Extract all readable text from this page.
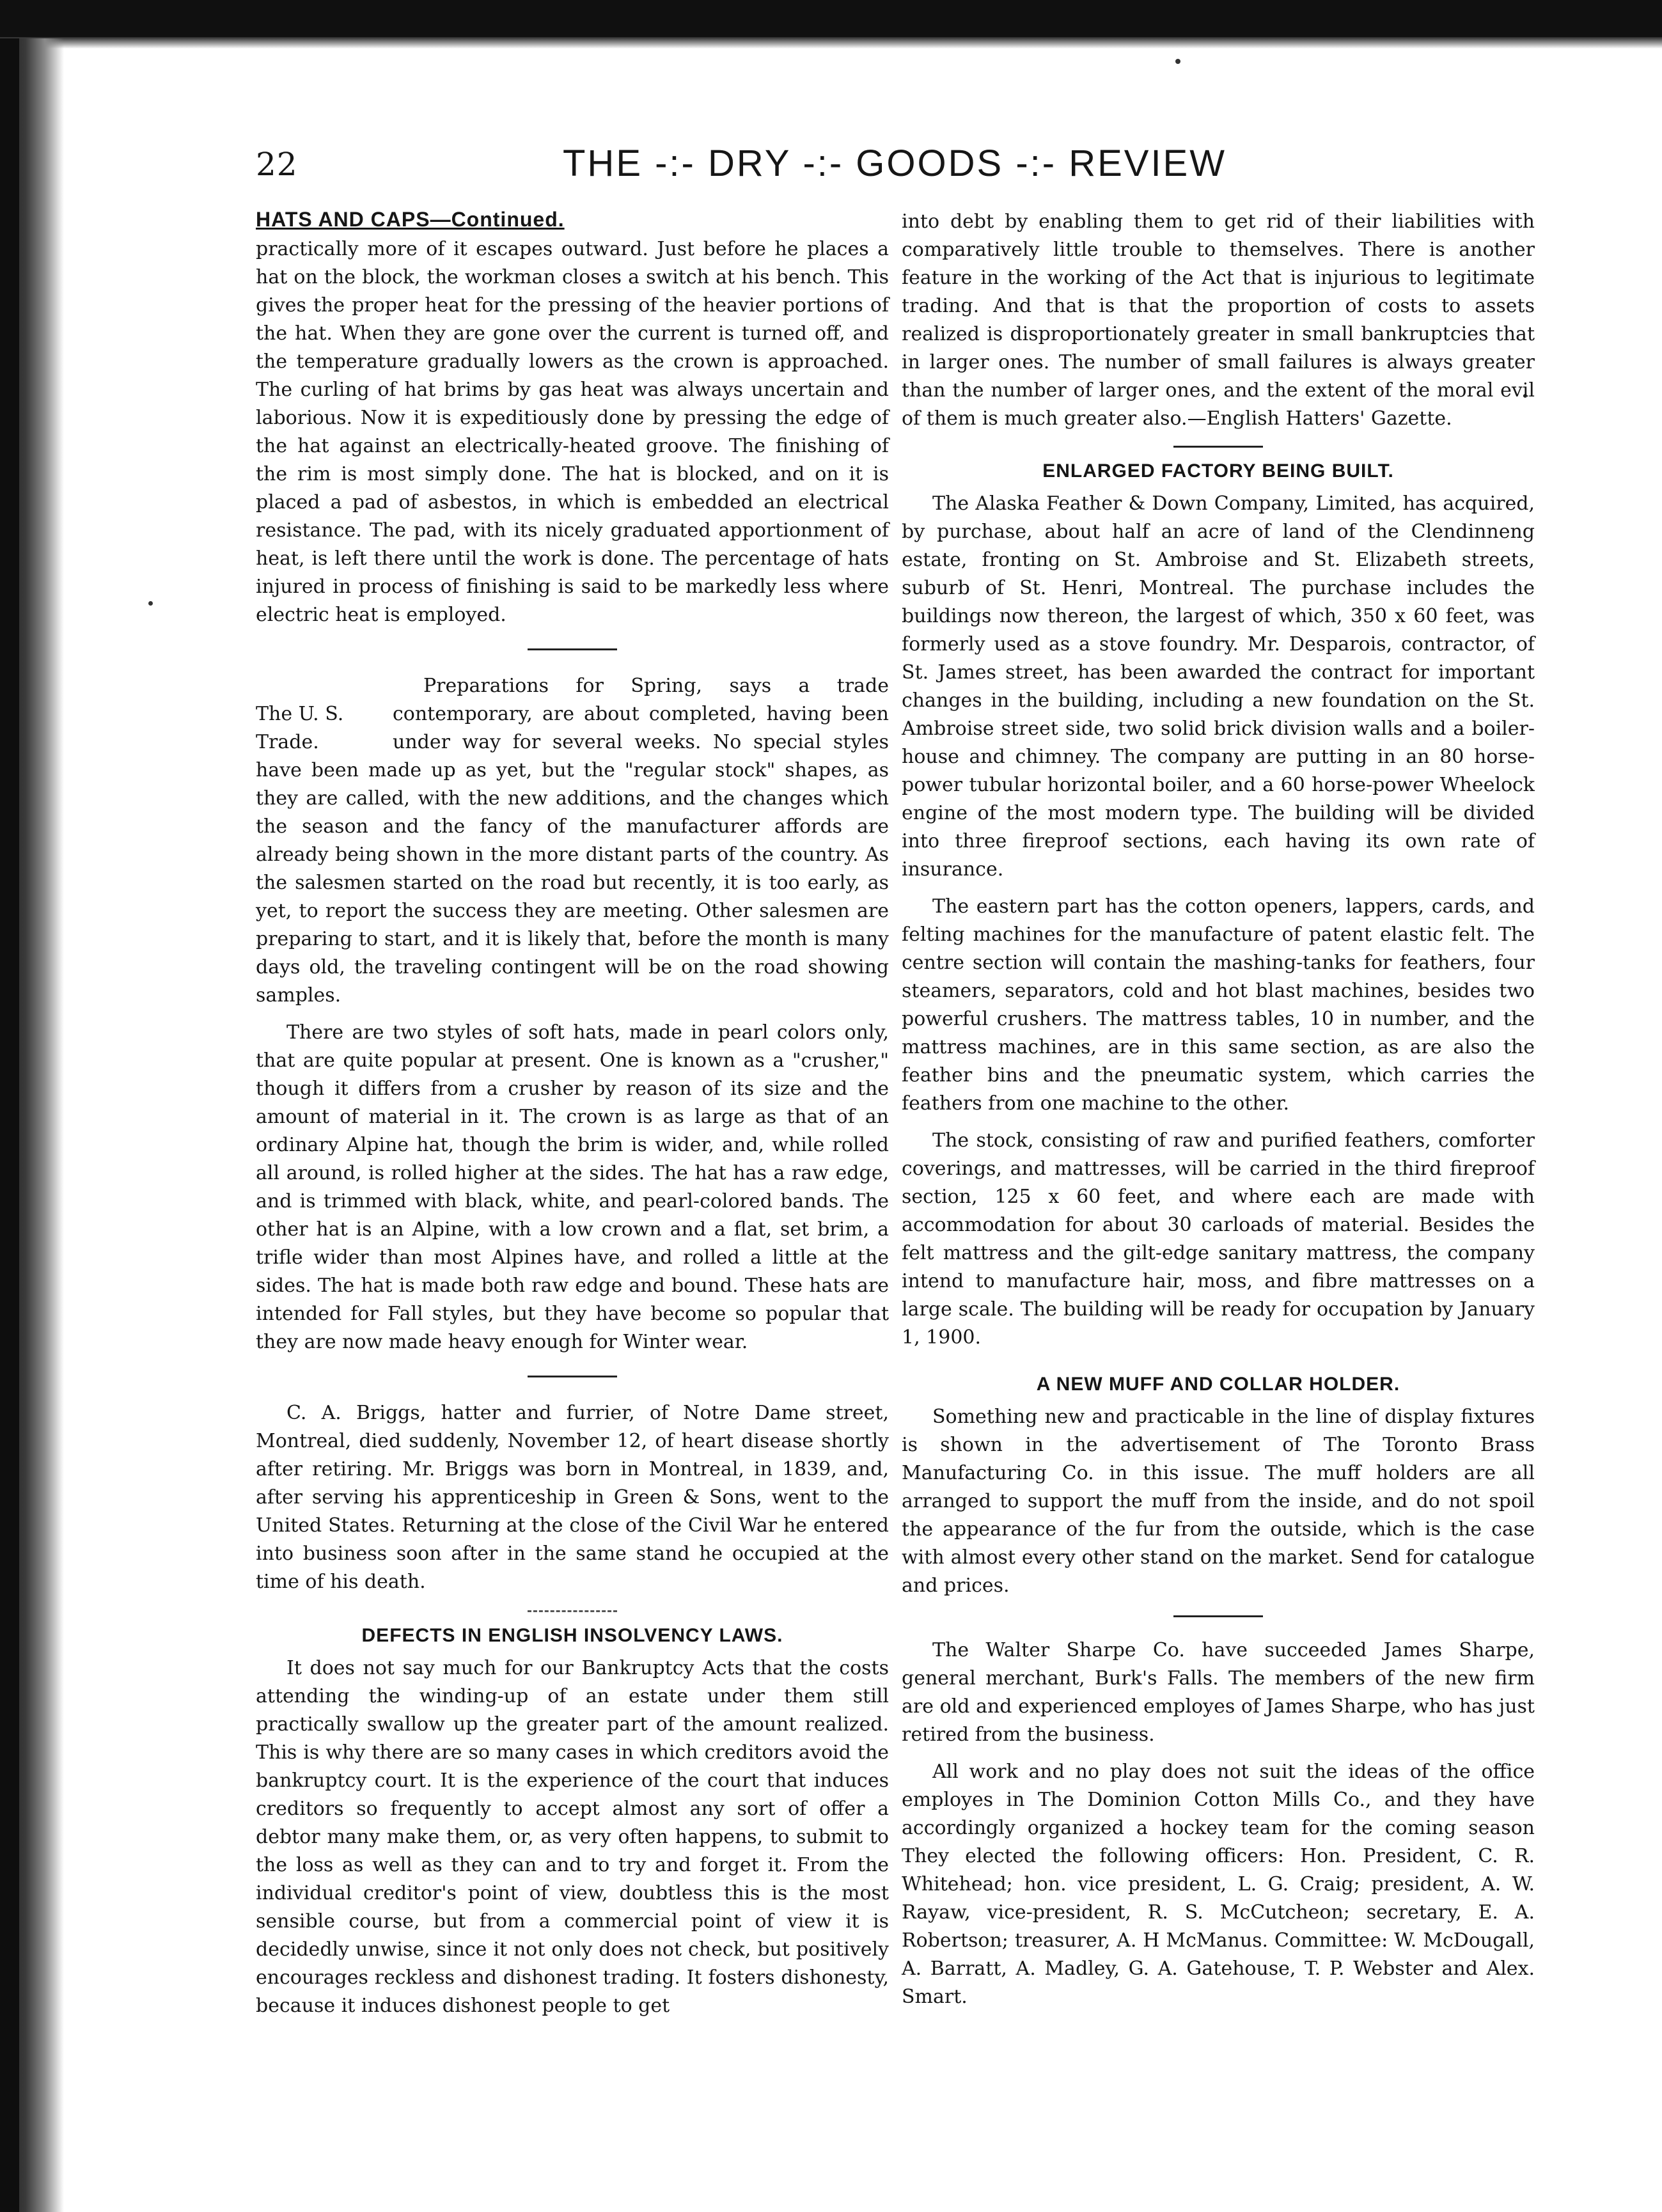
22	THE -:- DRY -:- GOODS -:- REVIEW
HATS AND CAPS—Continued.

practically more of it escapes outward. Just before he places a hat on the block, the workman closes a switch at his bench. This gives the proper heat for the pressing of the heavier portions of the hat. When they are gone over the current is turned off, and the temperature gradually lowers as the crown is approached. The curling of hat brims by gas heat was always uncertain and laborious. Now it is expeditiously done by pressing the edge of the hat against an electrically-heated groove. The finishing of the rim is most simply done. The hat is blocked, and on it is placed a pad of asbestos, in which is embedded an electrical resistance. The pad, with its nicely graduated apportionment of heat, is left there until the work is done. The percentage of hats injured in process of finishing is said to be markedly less where electric heat is employed.

The U. S. Trade.

Preparations for Spring, says a trade contemporary, are about completed, having been under way for several weeks. No special styles have been made up as yet, but the "regular stock" shapes, as they are called, with the new additions, and the changes which the season and the fancy of the manufacturer affords are already being shown in the more distant parts of the country. As the salesmen started on the road but recently, it is too early, as yet, to report the success they are meeting. Other salesmen are preparing to start, and it is likely that, before the month is many days old, the traveling contingent will be on the road showing samples.

There are two styles of soft hats, made in pearl colors only, that are quite popular at present. One is known as a "crusher," though it differs from a crusher by reason of its size and the amount of material in it. The crown is as large as that of an ordinary Alpine hat, though the brim is wider, and, while rolled all around, is rolled higher at the sides. The hat has a raw edge, and is trimmed with black, white, and pearl-colored bands. The other hat is an Alpine, with a low crown and a flat, set brim, a trifle wider than most Alpines have, and rolled a little at the sides. The hat is made both raw edge and bound. These hats are intended for Fall styles, but they have become so popular that they are now made heavy enough for Winter wear.

C. A. Briggs, hatter and furrier, of Notre Dame street, Montreal, died suddenly, November 12, of heart disease shortly after retiring. Mr. Briggs was born in Montreal, in 1839, and, after serving his apprenticeship in Green & Sons, went to the United States. Returning at the close of the Civil War he entered into business soon after in the same stand he occupied at the time of his death.

DEFECTS IN ENGLISH INSOLVENCY LAWS.

It does not say much for our Bankruptcy Acts that the costs attending the winding-up of an estate under them still practically swallow up the greater part of the amount realized. This is why there are so many cases in which creditors avoid the bankruptcy court. It is the experience of the court that induces creditors so frequently to accept almost any sort of offer a debtor many make them, or, as very often happens, to submit to the loss as well as they can and to try and forget it. From the individual creditor's point of view, doubtless this is the most sensible course, but from a commercial point of view it is decidedly unwise, since it not only does not check, but positively encourages reckless and dishonest trading. It fosters dishonesty, because it induces dishonest people to get

into debt by enabling them to get rid of their liabilities with comparatively little trouble to themselves. There is another feature in the working of the Act that is injurious to legitimate trading. And that is that the proportion of costs to assets realized is disproportionately greater in small bankruptcies that in larger ones. The number of small failures is always greater than the number of larger ones, and the extent of the moral evil of them is much greater also.—English Hatters' Gazette.

ENLARGED FACTORY BEING BUILT.

The Alaska Feather & Down Company, Limited, has acquired, by purchase, about half an acre of land of the Clendinneng estate, fronting on St. Ambroise and St. Elizabeth streets, suburb of St. Henri, Montreal. The purchase includes the buildings now thereon, the largest of which, 350 x 60 feet, was formerly used as a stove foundry. Mr. Desparois, contractor, of St. James street, has been awarded the contract for important changes in the building, including a new foundation on the St. Ambroise street side, two solid brick division walls and a boiler-house and chimney. The company are putting in an 80 horse-power tubular horizontal boiler, and a 60 horse-power Wheelock engine of the most modern type. The building will be divided into three fireproof sections, each having its own rate of insurance.

The eastern part has the cotton openers, lappers, cards, and felting machines for the manufacture of patent elastic felt. The centre section will contain the mashing-tanks for feathers, four steamers, separators, cold and hot blast machines, besides two powerful crushers. The mattress tables, 10 in number, and the mattress machines, are in this same section, as are also the feather bins and the pneumatic system, which carries the feathers from one machine to the other.

The stock, consisting of raw and purified feathers, comforter coverings, and mattresses, will be carried in the third fireproof section, 125 x 60 feet, and where each are made with accommodation for about 30 carloads of material. Besides the felt mattress and the gilt-edge sanitary mattress, the company intend to manufacture hair, moss, and fibre mattresses on a large scale. The building will be ready for occupation by January 1, 1900.

A NEW MUFF AND COLLAR HOLDER.

Something new and practicable in the line of display fixtures is shown in the advertisement of The Toronto Brass Manufacturing Co. in this issue. The muff holders are all arranged to support the muff from the inside, and do not spoil the appearance of the fur from the outside, which is the case with almost every other stand on the market. Send for catalogue and prices.

The Walter Sharpe Co. have succeeded James Sharpe, general merchant, Burk's Falls. The members of the new firm are old and experienced employes of James Sharpe, who has just retired from the business.

All work and no play does not suit the ideas of the office employes in The Dominion Cotton Mills Co., and they have accordingly organized a hockey team for the coming season They elected the following officers: Hon. President, C. R. Whitehead; hon. vice president, L. G. Craig; president, A. W. Rayaw, vice-president, R. S. McCutcheon; secretary, E. A. Robertson; treasurer, A. H McManus. Committee: W. McDougall, A. Barratt, A. Madley, G. A. Gatehouse, T. P. Webster and Alex. Smart.
